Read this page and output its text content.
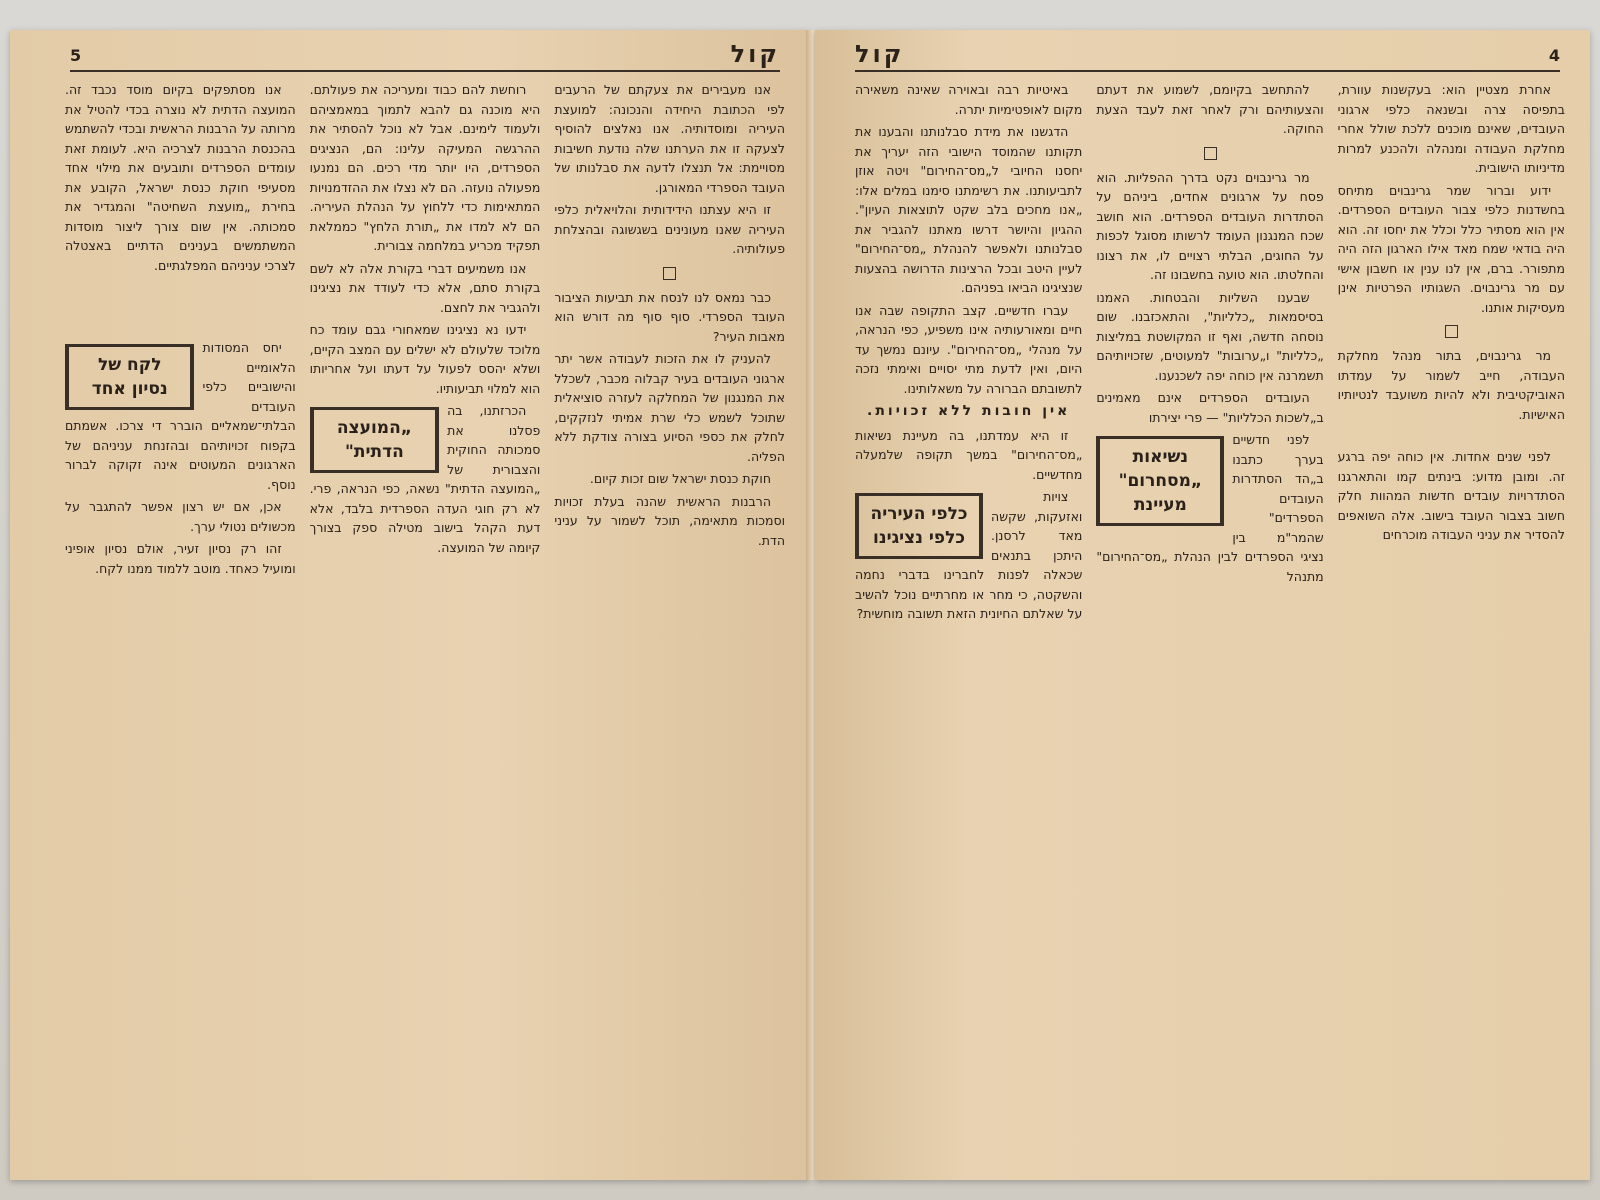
5	קול

אנו מעבירים את צעקתם של הרעבים לפי הכתובת היחידה והנכונה: למועצת העיריה ומוסדותיה. אנו נאלצים להוסיף לצעקה זו את הערתנו שלה נודעת חשיבות מסויימת: אל תנצלו לדעה את סבלנותו של העובד הספרדי המאורגן.

זו היא עצתנו הידידותית והלויאלית כלפי העיריה שאנו מעונינים בשגשוגה ובהצלחת פעולותיה.

כבר נמאס לנו לנסח את תביעות הציבור העובד הספרדי. סוף סוף מה דורש הוא מאבות העיר?

להעניק לו את הזכות לעבודה אשר יתר ארגוני העובדים בעיר קבלוה מכבר, לשכלל את המנגנון של המחלקה לעזרה סוציאלית שתוכל לשמש כלי שרת אמיתי לנזקקים, לחלק את כספי הסיוע בצורה צודקת ללא הפליה.

חוקת כנסת ישראל שום זכות קיום.

הרבנות הראשית שהנה בעלת זכויות וסמכות מתאימה, תוכל לשמור על עניני הדת.

רוחשת להם כבוד ומעריכה את פעולתם. היא מוכנה גם להבא לתמוך במאמציהם ולעמוד לימינם. אבל לא נוכל להסתיר את ההרגשה המעיקה עלינו: הם, הנציגים הספרדים, היו יותר מדי רכים. הם נמנעו מפעולה נועזה. הם לא נצלו את ההזדמנויות המתאימות כדי ללחוץ על הנהלת העיריה. הם לא למדו את „תורת הלחץ" כממלאת תפקיד מכריע במלחמה צבורית.

אנו משמיעים דברי בקורת אלה לא לשם בקורת סתם, אלא כדי לעודד את נציגינו ולהגביר את לחצם.

ידעו נא נציגינו שמאחורי גבם עומד כח מלוכד שלעולם לא ישלים עם המצב הקיים, ושלא יהסס לפעול על דעתו ועל אחריותו הוא למלוי תביעותיו.

„המועצה הדתית"

הכרזתנו, בה פסלנו את סמכותה החוקית והצבורית של „המועצה הדתית" נשאה, כפי הנראה, פרי. לא רק חוגי העדה הספרדית בלבד, אלא דעת הקהל בישוב מטילה ספק בצורך קיומה של המועצה.

אנו מסתפקים בקיום מוסד נכבד זה. המועצה הדתית לא נוצרה בכדי להטיל את מרותה על הרבנות הראשית ובכדי להשתמש בהכנסת הרבנות לצרכיה היא. לעומת זאת עומדים הספרדים ותובעים את מילוי אחד מסעיפי חוקת כנסת ישראל, הקובע את בחירת „מועצת השחיטה" והמגדיר את סמכותה. אין שום צורך ליצור מוסדות המשתמשים בענינים הדתיים באצטלה לצרכי עניניהם המפלגתיים.

לקח של נסיון אחד

יחס המסודות הלאומיים והישוביים כלפי העובדים הבלתי־שמאליים הוברר די צרכו. אשמתם בקפוח זכויותיהם ובהזנחת עניניהם של הארגונים המעוטים אינה זקוקה לברור נוסף.

אכן, אם יש רצון אפשר להתגבר על מכשולים נטולי ערך.

זהו רק נסיון זעיר, אולם נסיון אופיני ומועיל כאחד. מוטב ללמוד ממנו לקח.

קול	4

אחרת מצטיין הוא: בעקשנות עוורת, בתפיסה צרה ובשנאה כלפי ארגוני העובדים, שאינם מוכנים ללכת שולל אחרי מחלקת העבודה ומנהלה ולהכנע למרות מדיניותו הישובית.

ידוע וברור שמר גרינבוים מתיחס בחשדנות כלפי צבור העובדים הספרדים. אין הוא מסתיר כלל וכלל את יחסו זה. הוא היה בודאי שמח מאד אילו הארגון הזה היה מתפורר. ברם, אין לנו ענין או חשבון אישי עם מר גרינבוים. השגותיו הפרטיות אינן מעסיקות אותנו.

מר גרינבוים, בתור מנהל מחלקת העבודה, חייב לשמור על עמדתו האוביקטיבית ולא להיות משועבד לנטיותיו האישיות.

לפני שנים אחדות. אין כוחה יפה ברגע זה. ומובן מדוע: בינתים קמו והתארגנו הסתדרויות עובדים חדשות המהוות חלק חשוב בצבור העובד בישוב. אלה השואפים להסדיר את עניני העבודה מוכרחים

להתחשב בקיומם, לשמוע את דעתם והצעותיהם ורק לאחר זאת לעבד הצעת החוקה.

מר גרינבוים נקט בדרך ההפליות. הוא פסח על ארגונים אחדים, ביניהם על הסתדרות העובדים הספרדים. הוא חושב שכח המנגנון העומד לרשותו מסוגל לכפות על החוגים, הבלתי רצויים לו, את רצונו והחלטתו. הוא טועה בחשבונו זה.

שבענו השליות והבטחות. האמנו בסיסמאות „כלליות", והתאכזבנו. שום נוסחה חדשה, ואף זו המקושטת במליצות „כלליות" ו„ערובות" למעוטים, שזכויותיהם תשמרנה אין כוחה יפה לשכנענו.

העובדים הספרדים אינם מאמינים ב„לשכות הכלליות" — פרי יצירתו

נשיאות „מסחרום" מעיינת

לפני חדשיים בערך כתבנו ב„הד הסתדרות העובדים הספרדים" שהמר"מ בין נציגי הספרדים לבין הנהלת „מס־החירום" מתנהל

באיטיות רבה ובאוירה שאינה משאירה מקום לאופטימיות יתרה.

הדגשנו את מידת סבלנותנו והבענו את תקותנו שהמוסד הישובי הזה יעריך את יחסנו החיובי ל„מס־החירום" ויטה אוזן לתביעותנו. את רשימתנו סימנו במלים אלו: „אנו מחכים בלב שקט לתוצאות העיון". ההגיון והיושר דרשו מאתנו להגביר את סבלנותנו ולאפשר להנהלת „מס־החירום" לעיין היטב ובכל הרצינות הדרושה בהצעות שנציגינו הביאו בפניהם.

עברו חדשיים. קצב התקופה שבה אנו חיים ומאורעותיה אינו משפיע, כפי הנראה, על מנהלי „מס־החירום". עיונם נמשך עד היום, ואין לדעת מתי יסויים ואימתי נזכה לתשובתם הברורה על משאלותינו.

אין חובות ללא זכויות.

זו היא עמדתנו, בה מעיינת נשיאות „מס־החירום" במשך תקופה שלמעלה מחדשיים.

כלפי העיריה כלפי נציגינו

צויות ואזעקות, שקשה מאד לרסנן. היתכן בתנאים שכאלה לפנות לחברינו בדברי נחמה והשקטה, כי מחר או מחרתיים נוכל להשיב על שאלתם החיונית הזאת תשובה מוחשית?
